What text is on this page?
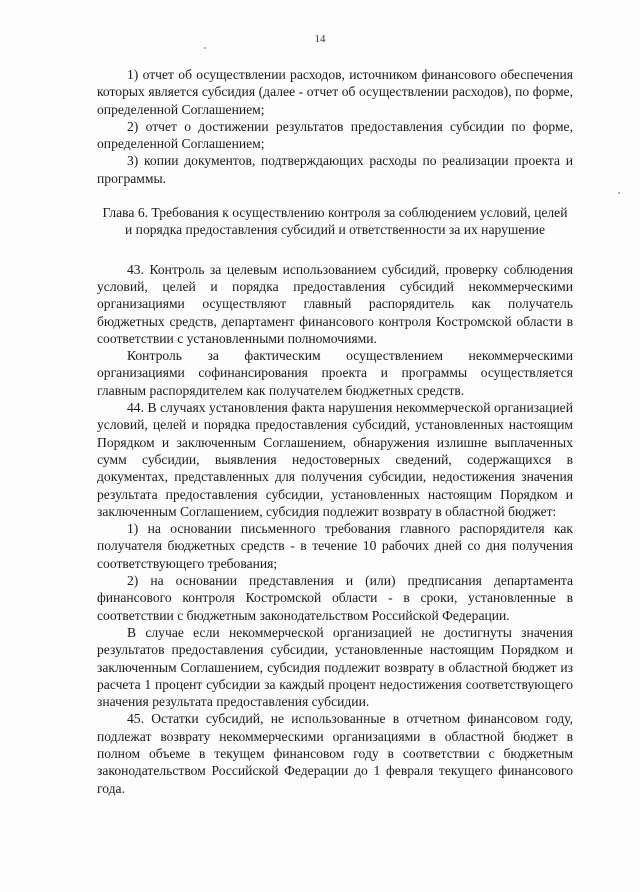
14

1) отчет об осуществлении расходов, источником финансового обеспечения которых является субсидия (далее - отчет об осуществлении расходов), по форме, определенной Соглашением;

2) отчет о достижении результатов предоставления субсидии по форме, определенной Соглашением;

3) копии документов, подтверждающих расходы по реализации проекта и программы.

Глава 6. Требования к осуществлению контроля за соблюдением условий, целей и порядка предоставления субсидий и ответственности за их нарушение

43. Контроль за целевым использованием субсидий, проверку соблюдения условий, целей и порядка предоставления субсидий некоммерческими организациями осуществляют главный распорядитель как получатель бюджетных средств, департамент финансового контроля Костромской области в соответствии с установленными полномочиями.

Контроль за фактическим осуществлением некоммерческими организациями софинансирования проекта и программы осуществляется главным распорядителем как получателем бюджетных средств.

44. В случаях установления факта нарушения некоммерческой организацией условий, целей и порядка предоставления субсидий, установленных настоящим Порядком и заключенным Соглашением, обнаружения излишне выплаченных сумм субсидии, выявления недостоверных сведений, содержащихся в документах, представленных для получения субсидии, недостижения значения результата предоставления субсидии, установленных настоящим Порядком и заключенным Соглашением, субсидия подлежит возврату в областной бюджет:

1) на основании письменного требования главного распорядителя как получателя бюджетных средств - в течение 10 рабочих дней со дня получения соответствующего требования;

2) на основании представления и (или) предписания департамента финансового контроля Костромской области - в сроки, установленные в соответствии с бюджетным законодательством Российской Федерации.

В случае если некоммерческой организацией не достигнуты значения результатов предоставления субсидии, установленные настоящим Порядком и заключенным Соглашением, субсидия подлежит возврату в областной бюджет из расчета 1 процент субсидии за каждый процент недостижения соответствующего значения результата предоставления субсидии.

45. Остатки субсидий, не использованные в отчетном финансовом году, подлежат возврату некоммерческими организациями в областной бюджет в полном объеме в текущем финансовом году в соответствии с бюджетным законодательством Российской Федерации до 1 февраля текущего финансового года.
